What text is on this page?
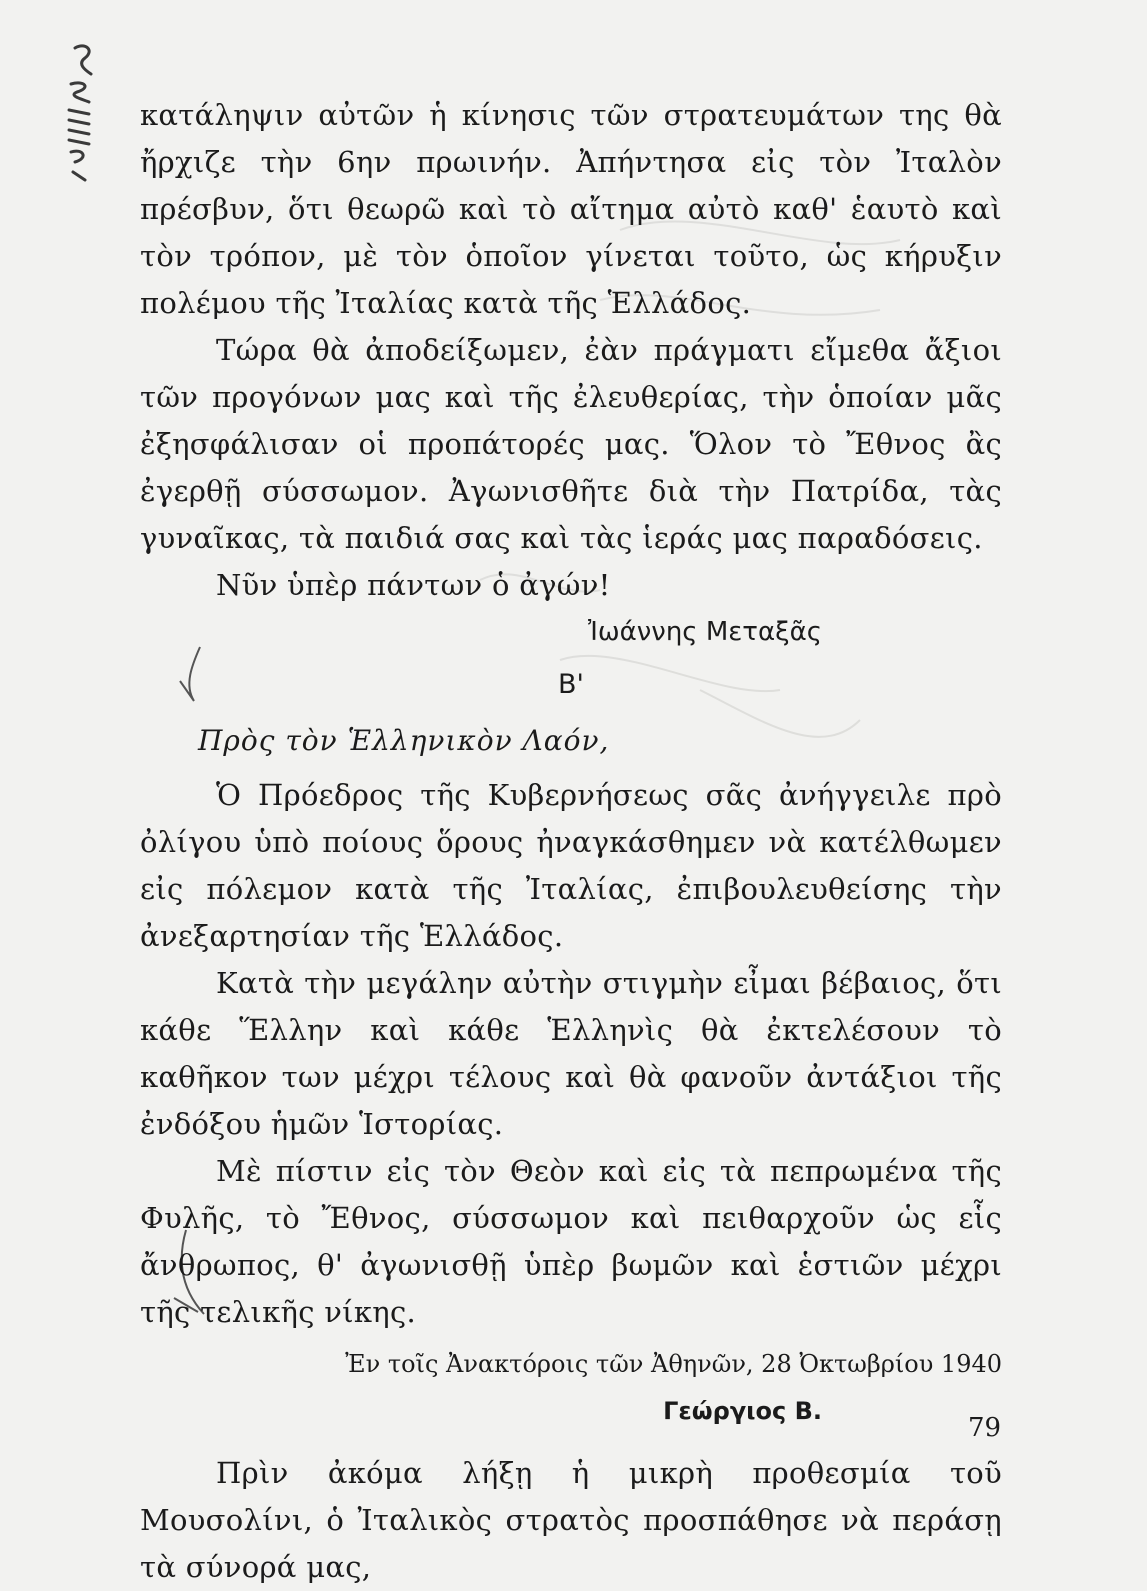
κατάληψιν αὐτῶν ἡ κίνησις τῶν στρατευμάτων της θὰ ἤρχιζε τὴν 6ην πρωινήν. Ἀπήντησα εἰς τὸν Ἰταλὸν πρέσβυν, ὅτι θεωρῶ καὶ τὸ αἴτημα αὐτὸ καθ' ἑαυτὸ καὶ τὸν τρόπον, μὲ τὸν ὁποῖον γίνεται τοῦτο, ὡς κήρυξιν πολέμου τῆς Ἰταλίας κατὰ τῆς Ἑλλάδος.

Τώρα θὰ ἀποδείξωμεν, ἐὰν πράγματι εἴμεθα ἄξιοι τῶν προγόνων μας καὶ τῆς ἐλευθερίας, τὴν ὁποίαν μᾶς ἐξησφάλισαν οἱ προπάτορές μας. Ὅλον τὸ Ἔθνος ἂς ἐγερθῇ σύσσωμον. Ἀγωνισθῆτε διὰ τὴν Πατρίδα, τὰς γυναῖκας, τὰ παιδιά σας καὶ τὰς ἱεράς μας παραδόσεις.

Νῦν ὑπὲρ πάντων ὁ ἀγών!

Ἰωάννης Μεταξᾶς

Β'

Πρὸς τὸν Ἑλληνικὸν Λαόν,

Ὁ Πρόεδρος τῆς Κυβερνήσεως σᾶς ἀνήγγειλε πρὸ ὀλίγου ὑπὸ ποίους ὅρους ἠναγκάσθημεν νὰ κατέλθωμεν εἰς πόλεμον κατὰ τῆς Ἰταλίας, ἐπιβουλευθείσης τὴν ἀνεξαρτησίαν τῆς Ἑλλάδος.

Κατὰ τὴν μεγάλην αὐτὴν στιγμὴν εἶμαι βέβαιος, ὅτι κάθε Ἕλλην καὶ κάθε Ἑλληνὶς θὰ ἐκτελέσουν τὸ καθῆκον των μέχρι τέλους καὶ θὰ φανοῦν ἀντάξιοι τῆς ἐνδόξου ἡμῶν Ἱστορίας.

Μὲ πίστιν εἰς τὸν Θεὸν καὶ εἰς τὰ πεπρωμένα τῆς Φυλῆς, τὸ Ἔθνος, σύσσωμον καὶ πειθαρχοῦν ὡς εἷς ἄνθρωπος, θ' ἀγωνισθῇ ὑπὲρ βωμῶν καὶ ἑστιῶν μέχρι τῆς τελικῆς νίκης.

Ἐν τοῖς Ἀνακτόροις τῶν Ἀθηνῶν, 28 Ὀκτωβρίου 1940

Γεώργιος Β.

Πρὶν ἀκόμα λήξῃ ἡ μικρὴ προθεσμία τοῦ Μουσολίνι, ὁ Ἰταλικὸς στρατὸς προσπάθησε νὰ περάσῃ τὰ σύνορά μας,

79
